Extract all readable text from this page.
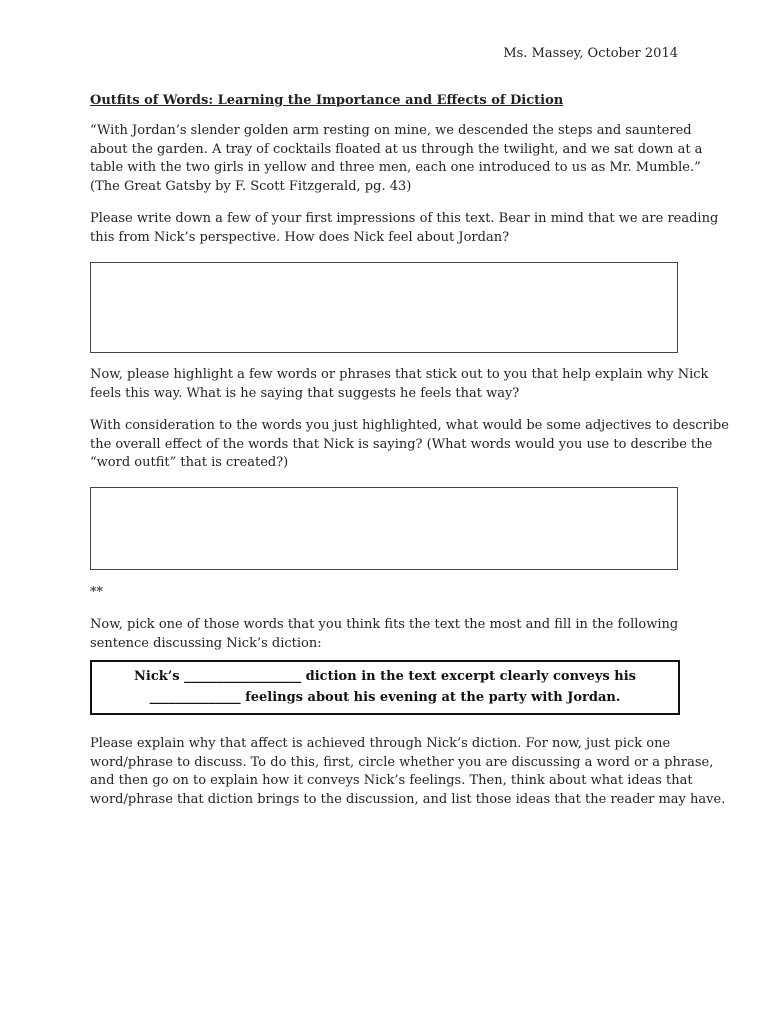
Ms. Massey, October 2014
Outfits of Words: Learning the Importance and Effects of Diction
“With Jordan’s slender golden arm resting on mine, we descended the steps and sauntered
about the garden. A tray of cocktails floated at us through the twilight, and we sat down at a
table with the two girls in yellow and three men, each one introduced to us as Mr. Mumble.”
(The Great Gatsby by F. Scott Fitzgerald, pg. 43)
Please write down a few of your first impressions of this text. Bear in mind that we are reading
this from Nick’s perspective. How does Nick feel about Jordan?
Now, please highlight a few words or phrases that stick out to you that help explain why Nick
feels this way. What is he saying that suggests he feels that way?
With consideration to the words you just highlighted, what would be some adjectives to describe
the overall effect of the words that Nick is saying? (What words would you use to describe the
“word outfit” that is created?)
**
Now, pick one of those words that you think fits the text the most and fill in the following
sentence discussing Nick’s diction:
Nick’s __________________ diction in the text excerpt clearly conveys his
______________ feelings about his evening at the party with Jordan.
Please explain why that affect is achieved through Nick’s diction. For now, just pick one
word/phrase to discuss. To do this, first, circle whether you are discussing a word or a phrase,
and then go on to explain how it conveys Nick’s feelings. Then, think about what ideas that
word/phrase that diction brings to the discussion, and list those ideas that the reader may have.
